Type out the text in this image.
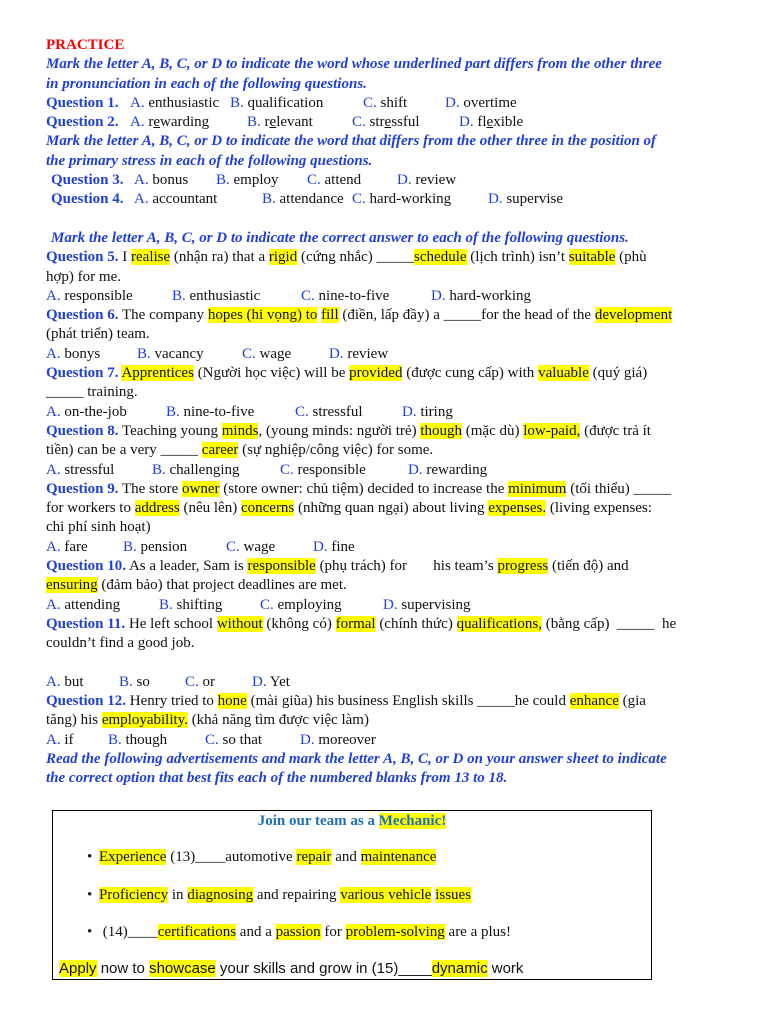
PRACTICE
Mark the letter A, B, C, or D to indicate the word whose underlined part differs from the other three
in pronunciation in each of the following questions.
Question 1. A. enthusiastic B. qualification	C. shift	D. overtime
Question 2. A. rewarding	B. relevant	C. stressful	D. flexible
Mark the letter A, B, C, or D to indicate the word that differs from the other three in the position of
the primary stress in each of the following questions.
Question 3. A. bonus B. employ C. attend D. review
Question 4. A. accountant	B. attendance C. hard-working D. supervise
Mark the letter A, B, C, or D to indicate the correct answer to each of the following questions.
Question 5. I realise (nhận ra) that a rigid (cứng nhắc) _____schedule (lịch trình) isn’t suitable (phù
hợp) for me.
A. responsible	B. enthusiastic	C. nine-to-five	D. hard-working
Question 6. The company hopes (hi vọng) to fill (điền, lấp đầy) a _____for the head of the development
(phát triển) team.
A. bonys B. vacancy	C. wage	D. review
Question 7. Apprentices (Người học việc) will be provided (được cung cấp) with valuable (quý giá)
_____ training.
A. on-the-job	B. nine-to-five	C. stressful	D. tiring
Question 8. Teaching young minds, (young minds: người trẻ) though (mặc dù) low-paid, (được trả ít
tiền) can be a very _____ career (sự nghiệp/công việc) for some.
A. stressful	B. challenging	C. responsible	D. rewarding
Question 9. The store owner (store owner: chủ tiệm) decided to increase the minimum (tối thiểu) _____
for workers to address (nêu lên) concerns (những quan ngại) about living expenses. (living expenses:
chi phí sinh hoạt)
A. fare B. pension	C. wage	D. fine
Question 10. As a leader, Sam is responsible (phụ trách) for       his team’s progress (tiến độ) and
ensuring (đảm bảo) that project deadlines are met.
A. attending	B. shifting	C. employing	D. supervising
Question 11. He left school without (không có) formal (chính thức) qualifications, (bằng cấp)  _____  he
couldn’t find a good job.
A. but B. so C. or D. Yet
Question 12. Henry tried to hone (mài giũa) his business English skills _____he could enhance (gia
tăng) his employability. (khả năng tìm được việc làm)
A. if B. though	C. so that	D. moreover
Read the following advertisements and mark the letter A, B, C, or D on your answer sheet to indicate
the correct option that best fits each of the numbered blanks from 13 to 18.
Join our team as a Mechanic!
• Experience (13)____automotive repair and maintenance
• Proficiency in diagnosing and repairing various vehicle issues
• (14)____certifications and a passion for problem-solving are a plus!
Apply now to showcase your skills and grow in (15)____dynamic work
